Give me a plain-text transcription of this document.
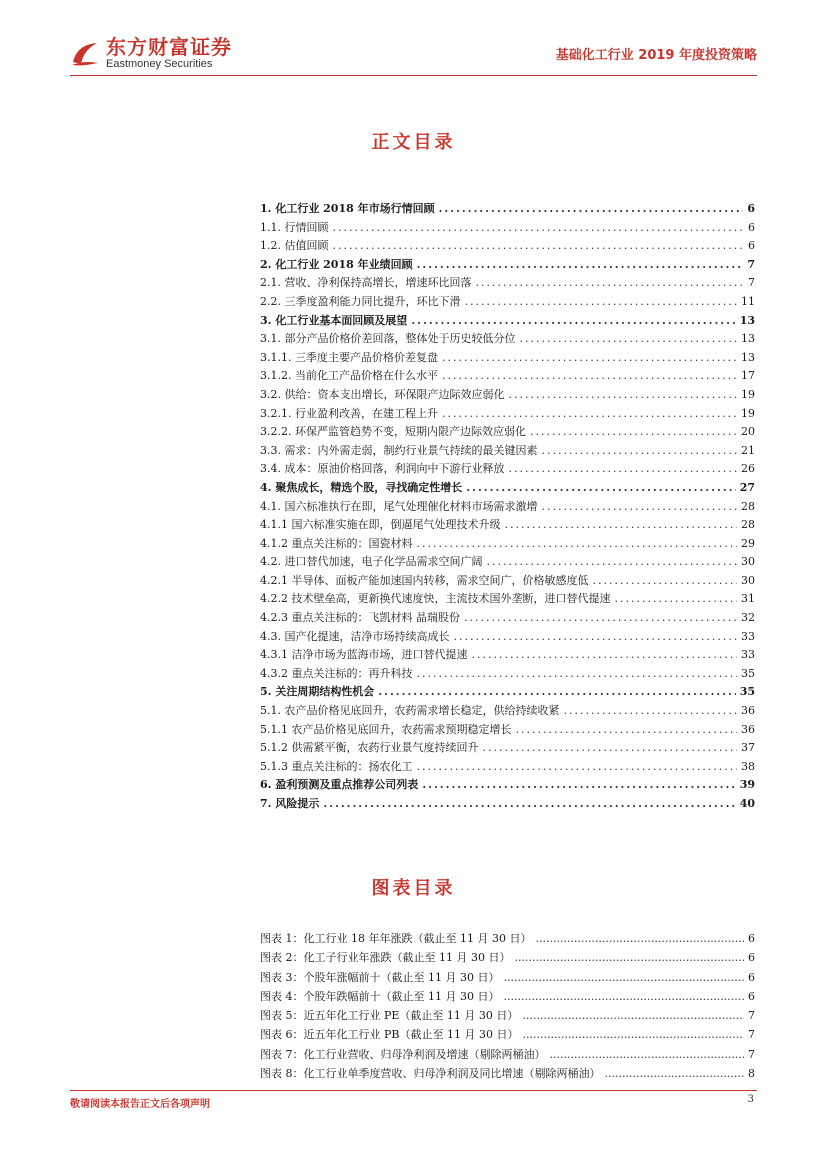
东方财富证券
Eastmoney Securities
基础化工行业 2019 年度投资策略
正文目录
1. 化工行业 2018 年市场行情回顾 .....	6
1.1. 行情回顾 .....	6
1.2. 估值回顾 .....	6
2. 化工行业 2018 年业绩回顾 .....	7
2.1. 营收、净利保持高增长，增速环比回落 .....	7
2.2. 三季度盈利能力同比提升，环比下滑 .....	11
3. 化工行业基本面回顾及展望 .....	13
3.1. 部分产品价格价差回落，整体处于历史较低分位 .....	13
3.1.1. 三季度主要产品价格价差复盘 .....	13
3.1.2. 当前化工产品价格在什么水平 .....	17
3.2. 供给：资本支出增长，环保限产边际效应弱化 .....	19
3.2.1. 行业盈利改善，在建工程上升 .....	19
3.2.2. 环保严监管趋势不变，短期内限产边际效应弱化 .....	20
3.3. 需求：内外需走弱，制约行业景气持续的最关键因素 .....	21
3.4. 成本：原油价格回落，利润向中下游行业释放 .....	26
4. 聚焦成长，精选个股，寻找确定性增长 .....	27
4.1. 国六标准执行在即，尾气处理催化材料市场需求激增 .....	28
4.1.1 国六标准实施在即，倒逼尾气处理技术升级 .....	28
4.1.2 重点关注标的：国瓷材料 .....	29
4.2. 进口替代加速，电子化学品需求空间广阔 .....	30
4.2.1 半导体、面板产能加速国内转移，需求空间广，价格敏感度低 .....	30
4.2.2 技术壁垒高，更新换代速度快，主流技术国外垄断，进口替代提速 .....	31
4.2.3 重点关注标的：飞凯材料 晶瑞股份 .....	32
4.3. 国产化提速，洁净市场持续高成长 .....	33
4.3.1 洁净市场为蓝海市场，进口替代提速 .....	33
4.3.2 重点关注标的：再升科技 .....	35
5. 关注周期结构性机会 .....	35
5.1. 农产品价格见底回升，农药需求增长稳定，供给持续收紧 .....	36
5.1.1 农产品价格见底回升，农药需求预期稳定增长 .....	36
5.1.2 供需紧平衡，农药行业景气度持续回升 .....	37
5.1.3 重点关注标的：扬农化工 .....	38
6. 盈利预测及重点推荐公司列表 .....	39
7. 风险提示 .....	40
图表目录
图表 1：化工行业 18 年年涨跌（截止至 11 月 30 日） .....	6
图表 2：化工子行业年涨跌（截止至 11 月 30 日） .....	6
图表 3：个股年涨幅前十（截止至 11 月 30 日） .....	6
图表 4：个股年跌幅前十（截止至 11 月 30 日） .....	6
图表 5：近五年化工行业 PE（截止至 11 月 30 日） .....	7
图表 6：近五年化工行业 PB（截止至 11 月 30 日） .....	7
图表 7：化工行业营收、归母净利润及增速（剔除两桶油） .....	7
图表 8：化工行业单季度营收、归母净利润及同比增速（剔除两桶油） .....	8
敬请阅读本报告正文后各项声明	3
